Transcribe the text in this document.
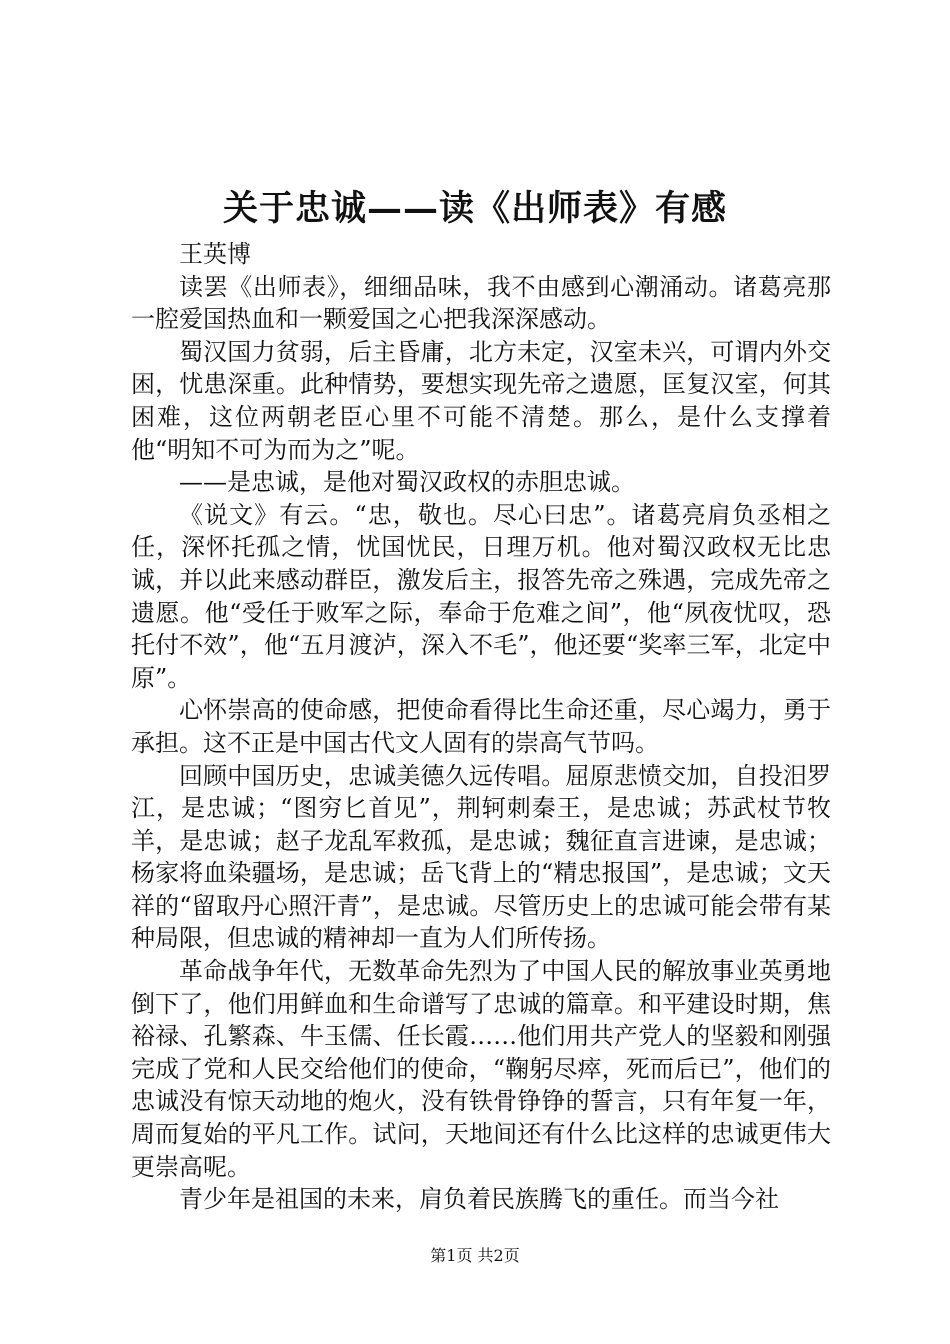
关于忠诚——读《出师表》有感

王英博

读罢《出师表》，细细品味，我不由感到心潮涌动。诸葛亮那一腔爱国热血和一颗爱国之心把我深深感动。

蜀汉国力贫弱，后主昏庸，北方未定，汉室未兴，可谓内外交困，忧患深重。此种情势，要想实现先帝之遗愿，匡复汉室，何其困难，这位两朝老臣心里不可能不清楚。那么，是什么支撑着他“明知不可为而为之”呢。

——是忠诚，是他对蜀汉政权的赤胆忠诚。

《说文》有云。“忠，敬也。尽心曰忠”。诸葛亮肩负丞相之任，深怀托孤之情，忧国忧民，日理万机。他对蜀汉政权无比忠诚，并以此来感动群臣，激发后主，报答先帝之殊遇，完成先帝之遗愿。他“受任于败军之际，奉命于危难之间”，他“夙夜忧叹，恐托付不效”，他“五月渡泸，深入不毛”，他还要“奖率三军，北定中原”。

心怀崇高的使命感，把使命看得比生命还重，尽心竭力，勇于承担。这不正是中国古代文人固有的崇高气节吗。

回顾中国历史，忠诚美德久远传唱。屈原悲愤交加，自投汨罗江，是忠诚；“图穷匕首见”，荆轲刺秦王，是忠诚；苏武杖节牧羊，是忠诚；赵子龙乱军救孤，是忠诚；魏征直言进谏，是忠诚；杨家将血染疆场，是忠诚；岳飞背上的“精忠报国”，是忠诚；文天祥的“留取丹心照汗青”，是忠诚。尽管历史上的忠诚可能会带有某种局限，但忠诚的精神却一直为人们所传扬。

革命战争年代，无数革命先烈为了中国人民的解放事业英勇地倒下了，他们用鲜血和生命谱写了忠诚的篇章。和平建设时期，焦裕禄、孔繁森、牛玉儒、任长霞……他们用共产党人的坚毅和刚强完成了党和人民交给他们的使命，“鞠躬尽瘁，死而后已”，他们的忠诚没有惊天动地的炮火，没有铁骨铮铮的誓言，只有年复一年，周而复始的平凡工作。试问，天地间还有什么比这样的忠诚更伟大更崇高呢。

青少年是祖国的未来，肩负着民族腾飞的重任。而当今社

第1页 共2页
